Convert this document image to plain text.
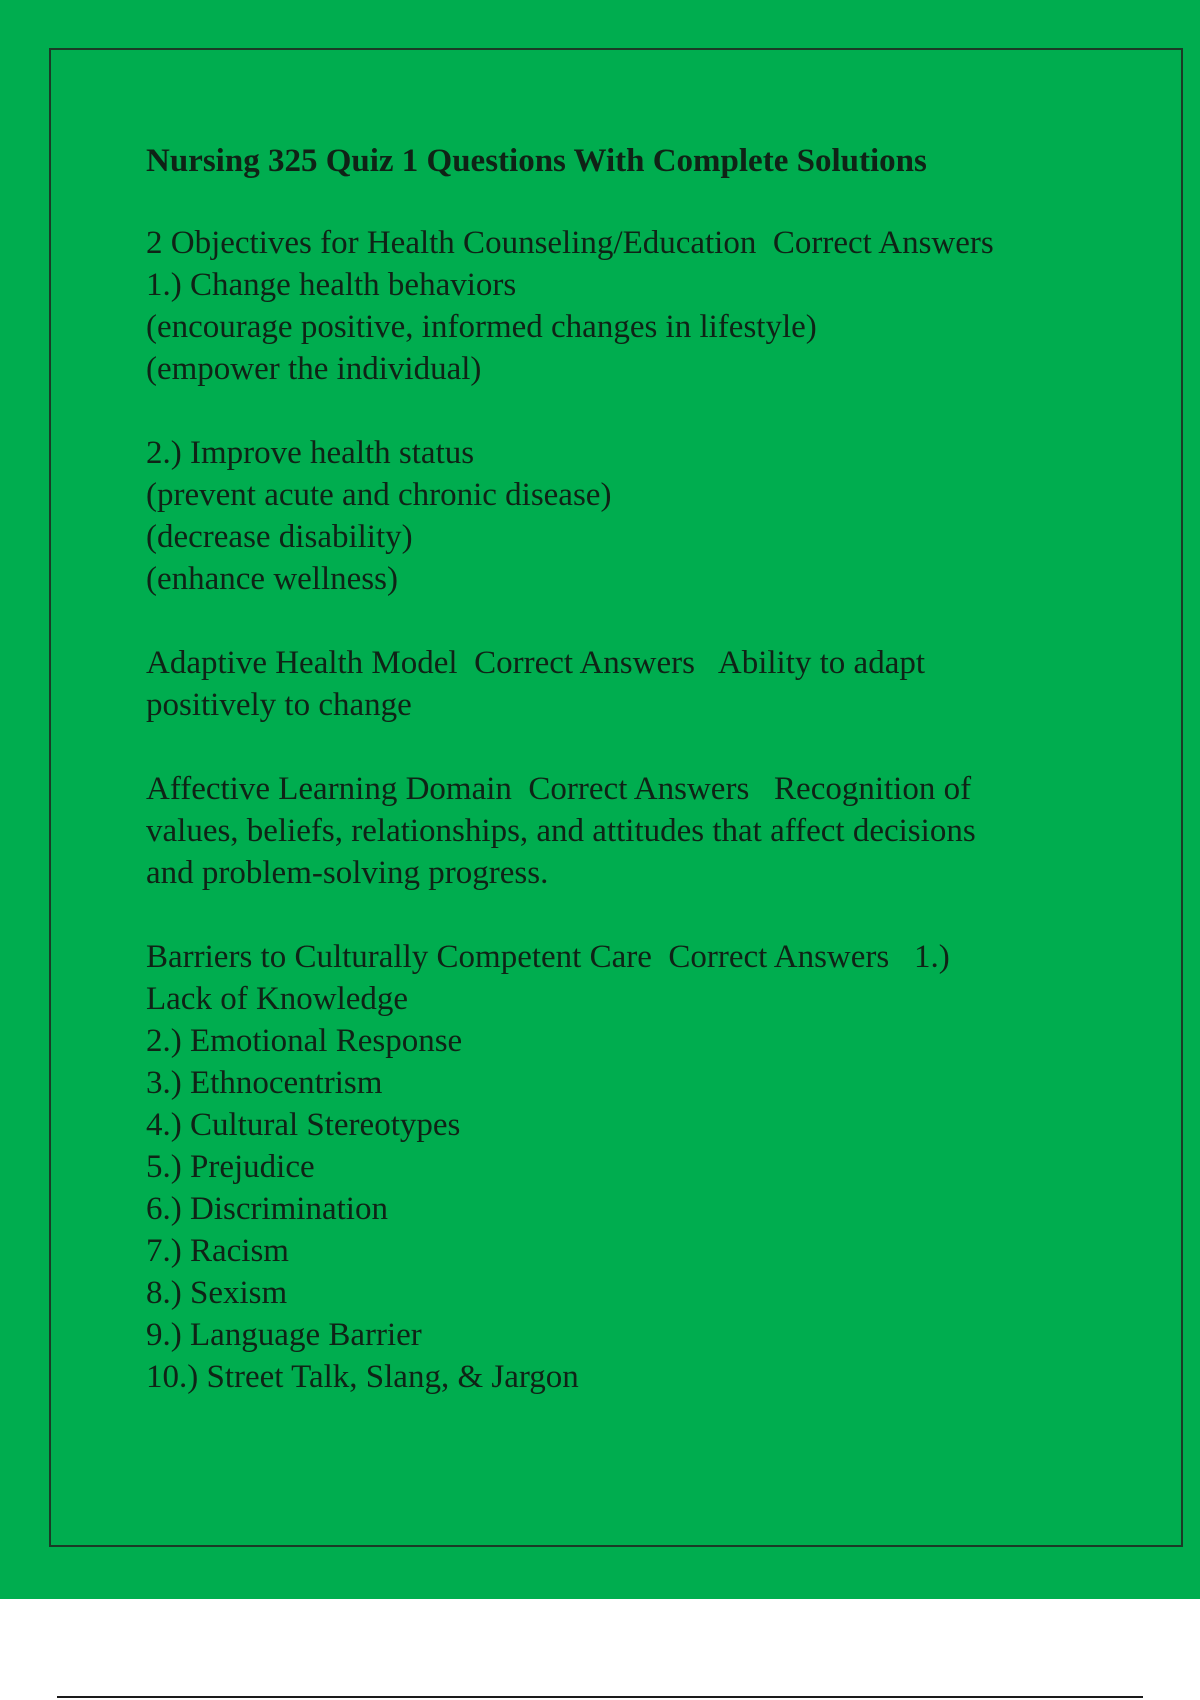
Nursing 325 Quiz 1 Questions With Complete Solutions
2 Objectives for Health Counseling/Education  Correct Answers
1.) Change health behaviors
(encourage positive, informed changes in lifestyle)
(empower the individual)
2.) Improve health status
(prevent acute and chronic disease)
(decrease disability)
(enhance wellness)
Adaptive Health Model  Correct Answers   Ability to adapt
positively to change
Affective Learning Domain  Correct Answers   Recognition of
values, beliefs, relationships, and attitudes that affect decisions
and problem-solving progress.
Barriers to Culturally Competent Care  Correct Answers   1.)
Lack of Knowledge
2.) Emotional Response
3.) Ethnocentrism
4.) Cultural Stereotypes
5.) Prejudice
6.) Discrimination
7.) Racism
8.) Sexism
9.) Language Barrier
10.) Street Talk, Slang, & Jargon
